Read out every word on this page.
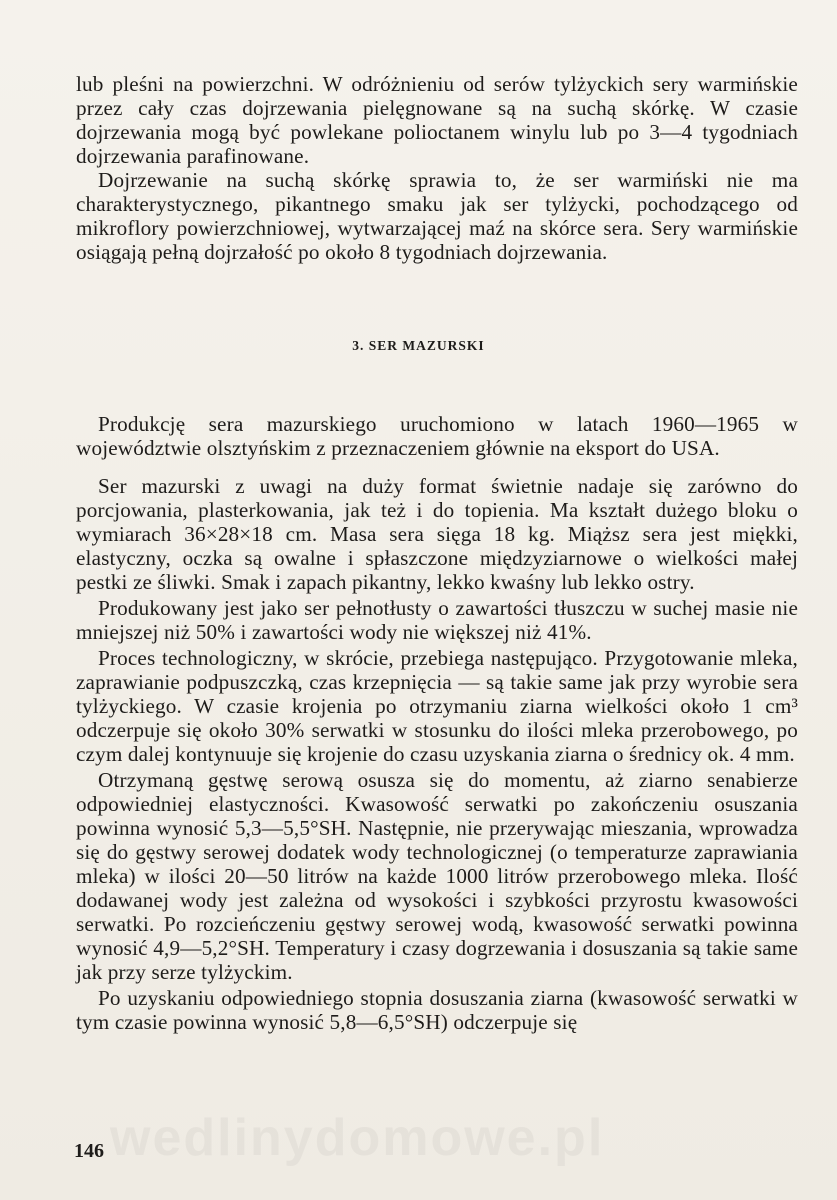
lub pleśni na powierzchni. W odróżnieniu od serów tylżyckich sery warmińskie przez cały czas dojrzewania pielęgnowane są na suchą skórkę. W czasie dojrzewania mogą być powlekane polioctanem winylu lub po 3—4 tygodniach dojrzewania parafinowane.

Dojrzewanie na suchą skórkę sprawia to, że ser warmiński nie ma charakterystycznego, pikantnego smaku jak ser tylżycki, pochodzącego od mikroflory powierzchniowej, wytwarzającej maź na skórce sera. Sery warmińskie osiągają pełną dojrzałość po około 8 tygodniach dojrzewania.

3. SER MAZURSKI

Produkcję sera mazurskiego uruchomiono w latach 1960—1965 w województwie olsztyńskim z przeznaczeniem głównie na eksport do USA.

Ser mazurski z uwagi na duży format świetnie nadaje się zarówno do porcjowania, plasterkowania, jak też i do topienia. Ma kształt dużego bloku o wymiarach 36×28×18 cm. Masa sera sięga 18 kg. Miąższ sera jest miękki, elastyczny, oczka są owalne i spłaszczone międzyziarnowe o wielkości małej pestki ze śliwki. Smak i zapach pikantny, lekko kwaśny lub lekko ostry.

Produkowany jest jako ser pełnotłusty o zawartości tłuszczu w suchej masie nie mniejszej niż 50% i zawartości wody nie większej niż 41%.

Proces technologiczny, w skrócie, przebiega następująco. Przygotowanie mleka, zaprawianie podpuszczką, czas krzepnięcia — są takie same jak przy wyrobie sera tylżyckiego. W czasie krojenia po otrzymaniu ziarna wielkości około 1 cm³ odczerpuje się około 30% serwatki w stosunku do ilości mleka przerobowego, po czym dalej kontynuuje się krojenie do czasu uzyskania ziarna o średnicy ok. 4 mm.

Otrzymaną gęstwę serową osusza się do momentu, aż ziarno senabierze odpowiedniej elastyczności. Kwasowość serwatki po zakończeniu osuszania powinna wynosić 5,3—5,5°SH. Następnie, nie przerywając mieszania, wprowadza się do gęstwy serowej dodatek wody technologicznej (o temperaturze zaprawiania mleka) w ilości 20—50 litrów na każde 1000 litrów przerobowego mleka. Ilość dodawanej wody jest zależna od wysokości i szybkości przyrostu kwasowości serwatki. Po rozcieńczeniu gęstwy serowej wodą, kwasowość serwatki powinna wynosić 4,9—5,2°SH. Temperatury i czasy dogrzewania i dosuszania są takie same jak przy serze tylżyckim.

Po uzyskaniu odpowiedniego stopnia dosuszania ziarna (kwasowość serwatki w tym czasie powinna wynosić 5,8—6,5°SH) odczerpuje się

wedlinydomowe.pl
146
